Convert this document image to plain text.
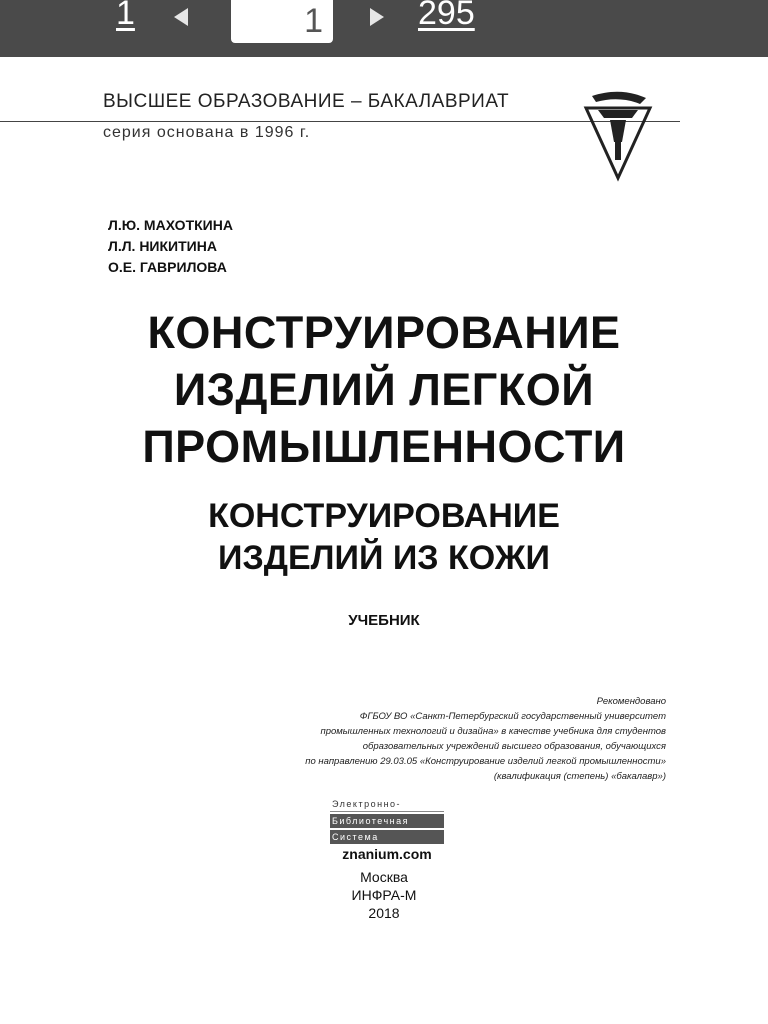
1
1	295
ВЫСШЕЕ ОБРАЗОВАНИЕ – БАКАЛАВРИАТ
серия основана в 1996 г.
Л.Ю. МАХОТКИНА
Л.Л. НИКИТИНА
О.Е. ГАВРИЛОВА
КОНСТРУИРОВАНИЕ
ИЗДЕЛИЙ ЛЕГКОЙ
ПРОМЫШЛЕННОСТИ
КОНСТРУИРОВАНИЕ
ИЗДЕЛИЙ ИЗ КОЖИ
УЧЕБНИК
Рекомендовано
ФГБОУ ВО «Санкт-Петербургский государственный университет
промышленных технологий и дизайна» в качестве учебника для студентов
образовательных учреждений высшего образования, обучающихся
по направлению 29.03.05 «Конструирование изделий легкой промышленности»
(квалификация (степень) «бакалавр»)
Электронно-
Библиотечная
Система
znanium.com
Москва
ИНФРА-М
2018
